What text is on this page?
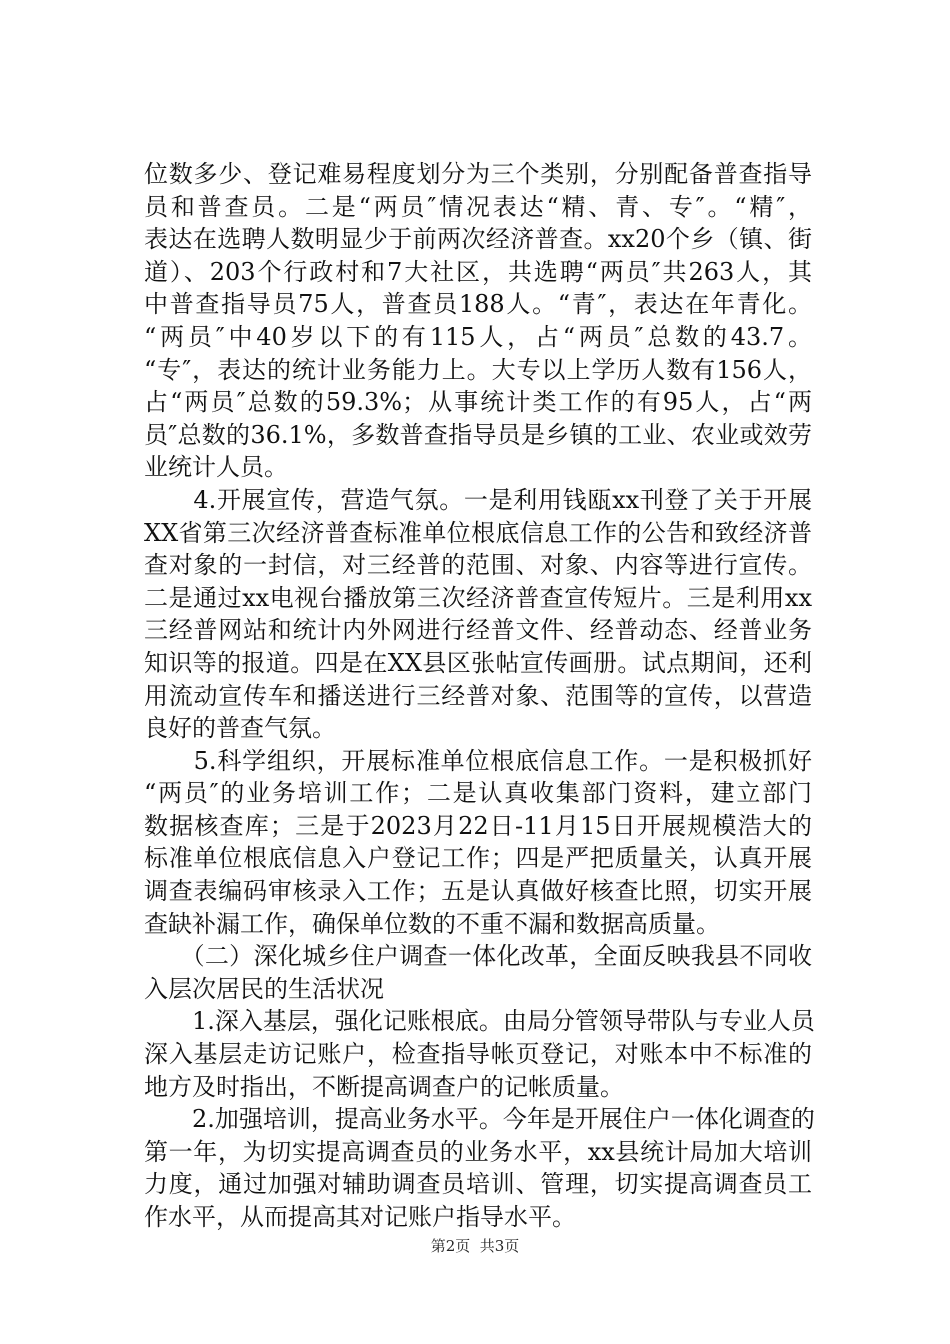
位数多少、登记难易程度划分为三个类别，分别配备普查指导
员和普查员。二是“两员″情况表达“精、青、专″。“精″，
表达在选聘人数明显少于前两次经济普查。xx20个乡（镇、街
道）、203个行政村和7大社区，共选聘“两员″共263人，其
中普查指导员75人，普查员188人。“青″，表达在年青化。
“两员″中40岁以下的有115人，占“两员″总数的43.7。
“专″，表达的统计业务能力上。大专以上学历人数有156人，
占“两员″总数的59.3%；从事统计类工作的有95人，占“两
员″总数的36.1%，多数普查指导员是乡镇的工业、农业或效劳
业统计人员。
　　4.开展宣传，营造气氛。一是利用钱瓯xx刊登了关于开展
XX省第三次经济普查标准单位根底信息工作的公告和致经济普
查对象的一封信，对三经普的范围、对象、内容等进行宣传。
二是通过xx电视台播放第三次经济普查宣传短片。三是利用xx
三经普网站和统计内外网进行经普文件、经普动态、经普业务
知识等的报道。四是在XX县区张帖宣传画册。试点期间，还利
用流动宣传车和播送进行三经普对象、范围等的宣传，以营造
良好的普查气氛。
　　5.科学组织，开展标准单位根底信息工作。一是积极抓好
“两员″的业务培训工作；二是认真收集部门资料，建立部门
数据核查库；三是于2023月22日-11月15日开展规模浩大的
标准单位根底信息入户登记工作；四是严把质量关，认真开展
调查表编码审核录入工作；五是认真做好核查比照，切实开展
查缺补漏工作，确保单位数的不重不漏和数据高质量。
　　（二）深化城乡住户调查一体化改革，全面反映我县不同收
入层次居民的生活状况
　　1.深入基层，强化记账根底。由局分管领导带队与专业人员
深入基层走访记账户，检查指导帐页登记，对账本中不标准的
地方及时指出，不断提高调查户的记帐质量。
　　2.加强培训，提高业务水平。今年是开展住户一体化调查的
第一年，为切实提高调查员的业务水平，xx县统计局加大培训
力度，通过加强对辅助调查员培训、管理，切实提高调查员工
作水平，从而提高其对记账户指导水平。
第2页  共3页
